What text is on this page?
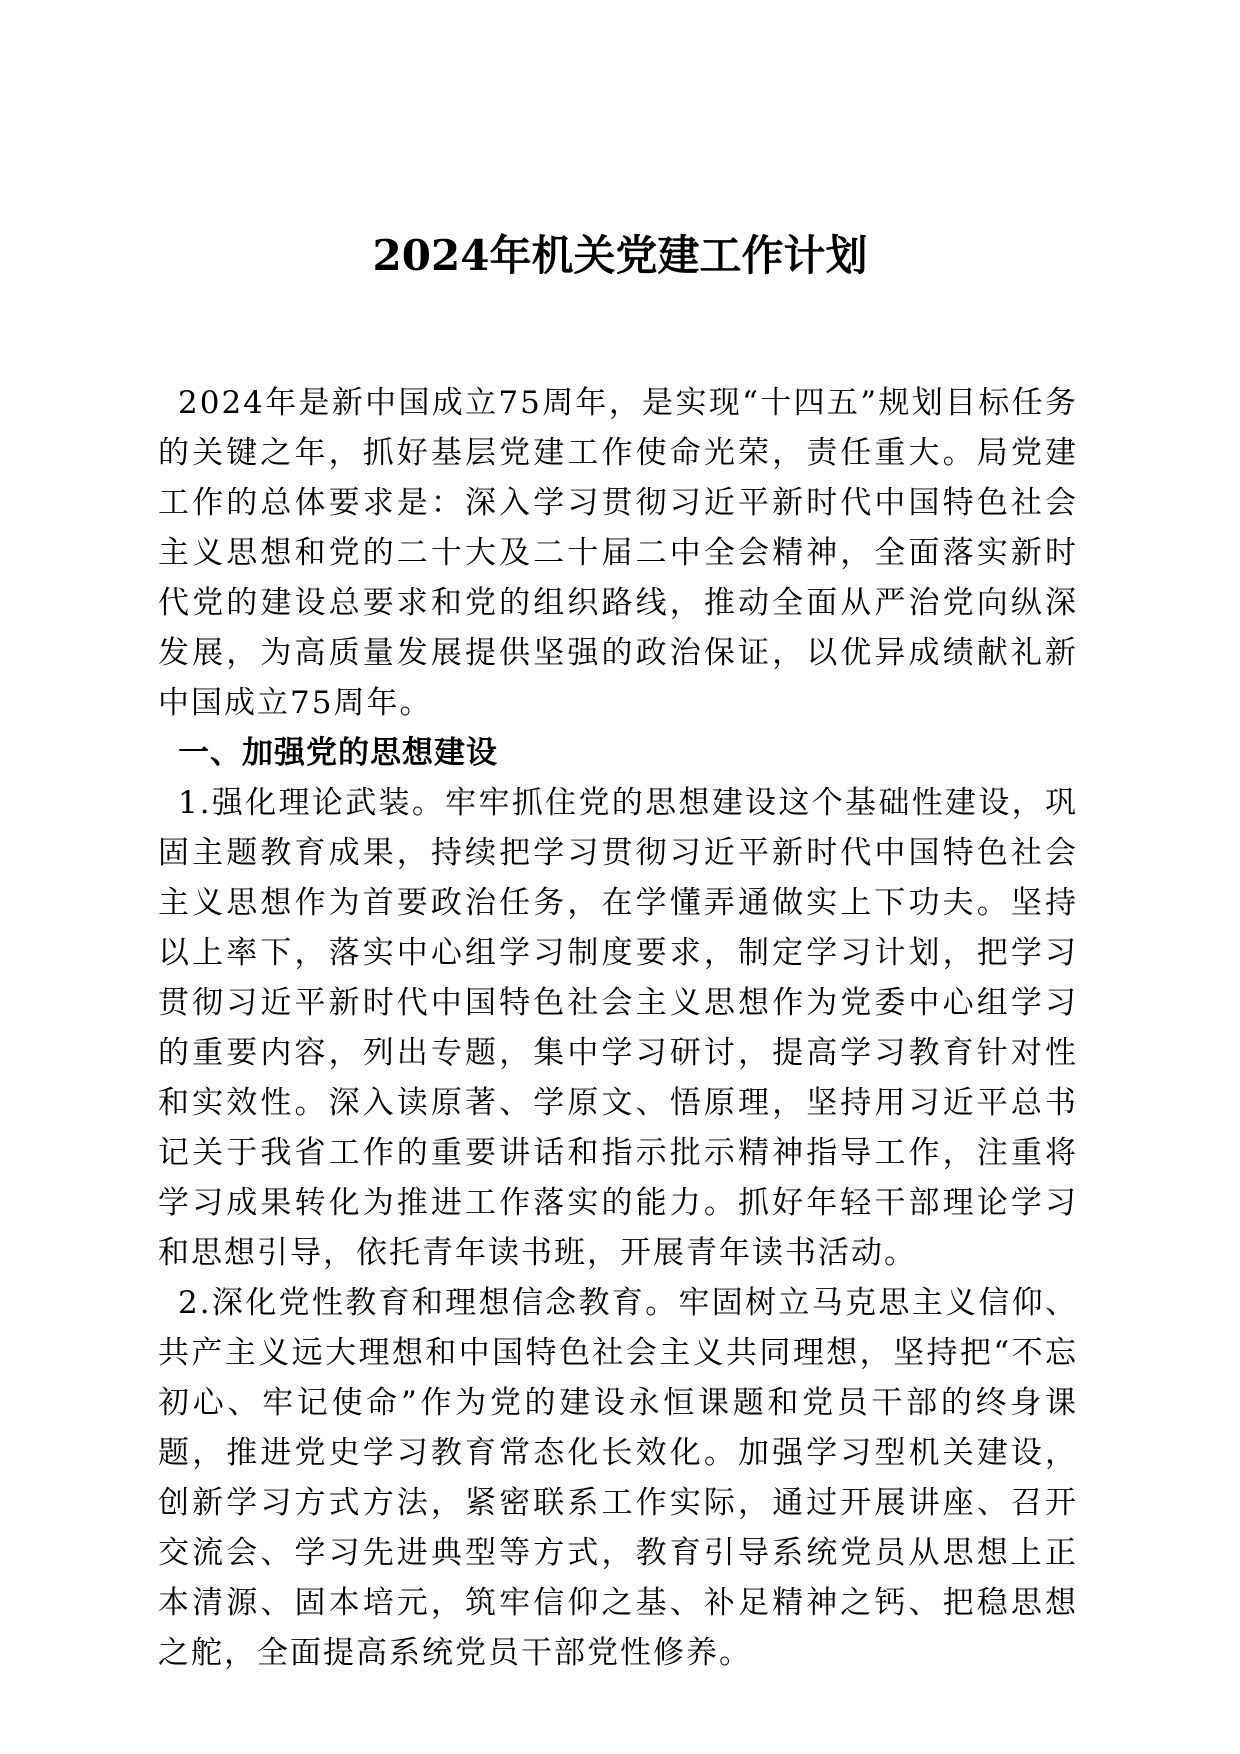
2024年机关党建工作计划

2024年是新中国成立75周年，是实现“十四五”规划目标任务的关键之年，抓好基层党建工作使命光荣，责任重大。局党建工作的总体要求是：深入学习贯彻习近平新时代中国特色社会主义思想和党的二十大及二十届二中全会精神，全面落实新时代党的建设总要求和党的组织路线，推动全面从严治党向纵深发展，为高质量发展提供坚强的政治保证，以优异成绩献礼新中国成立75周年。

一、加强党的思想建设

1.强化理论武装。牢牢抓住党的思想建设这个基础性建设，巩固主题教育成果，持续把学习贯彻习近平新时代中国特色社会主义思想作为首要政治任务，在学懂弄通做实上下功夫。坚持以上率下，落实中心组学习制度要求，制定学习计划，把学习贯彻习近平新时代中国特色社会主义思想作为党委中心组学习的重要内容，列出专题，集中学习研讨，提高学习教育针对性和实效性。深入读原著、学原文、悟原理，坚持用习近平总书记关于我省工作的重要讲话和指示批示精神指导工作，注重将学习成果转化为推进工作落实的能力。抓好年轻干部理论学习和思想引导，依托青年读书班，开展青年读书活动。

2.深化党性教育和理想信念教育。牢固树立马克思主义信仰、共产主义远大理想和中国特色社会主义共同理想，坚持把“不忘初心、牢记使命”作为党的建设永恒课题和党员干部的终身课题，推进党史学习教育常态化长效化。加强学习型机关建设，创新学习方式方法，紧密联系工作实际，通过开展讲座、召开交流会、学习先进典型等方式，教育引导系统党员从思想上正本清源、固本培元，筑牢信仰之基、补足精神之钙、把稳思想之舵，全面提高系统党员干部党性修养。
